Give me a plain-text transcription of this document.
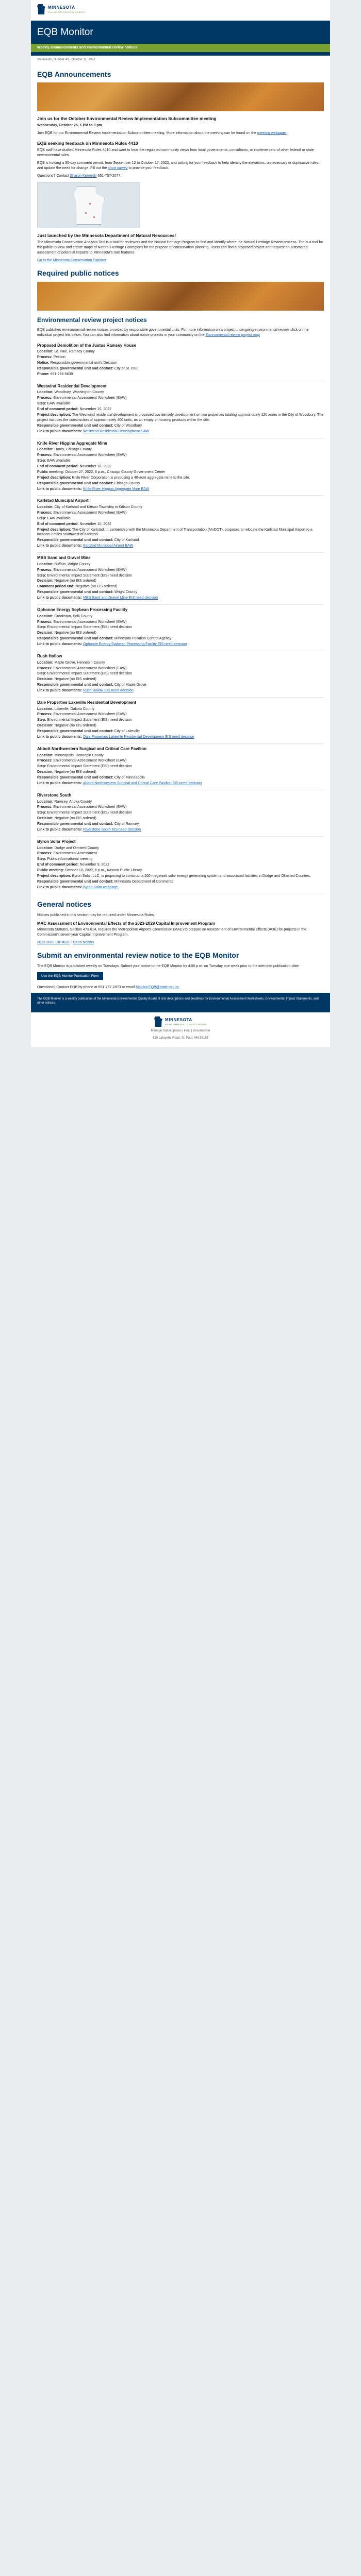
MINNESOTA
POLLUTION CONTROL AGENCY
EQB Monitor
Weekly announcements and environmental review notices
Volume 46, Number 43 · October 11, 2022
EQB Announcements
Join us for the October Environmental Review Implementation Subcommittee meeting

Wednesday, October 26, 1 PM to 3 pm

Join EQB for our Environmental Review Implementation Subcommittee meeting. More information about the meeting can be found on the meeting webpage.

EQB seeking feedback on Minnesota Rules 4410

EQB staff have drafted Minnesota Rules 4410 and want to hear the regulated community views from local governments, consultants, or implementers of other federal or state environmental rules.

EQB is holding a 30-day comment period, from September 12 to October 17, 2022, and asking for your feedback to help identify the elevations, unnecessary or duplicative rules, and update the need for change. Fill out the short survey to provide your feedback.

Questions? Contact Sharon Kennedy 651-757-2077.

Just launched by the Minnesota Department of Natural Resources!

The Minnesota Conservation Analysis Tool is a tool for reviewers and the Natural Heritage Program to find and identify where the Natural Heritage Review process. The is a tool for the public to view and create maps of Natural Heritage Ecoregions for the purpose of conservation planning. Users can find a proposed project and request an automated assessment of potential impacts to Minnesota's rare features.

Go to the Minnesota Conservation Explorer

Required public notices
Environmental review project notices

EQB publishes environmental review notices provided by responsible governmental units. For more information on a project undergoing environmental review, click on the individual project link below. You can also find information about notice projects in your community on the Environmental review project map

Proposed Demolition of the Justus Ramsey House
Location: St. Paul, Ramsey County
Process: Petition
Notice: Responsible governmental unit's Decision
Responsible governmental unit and contact: City of St. Paul
Phone: 651-266-6639
Westwind Residential Development
Location: Woodbury, Washington County
Process: Environmental Assessment Worksheet (EAW)
Step: EAW available
End of comment period: November 10, 2022
Project description: The Westwind residential development is proposed two densely development on two properties totaling approximately 120 acres in the City of Woodbury. The project includes the construction of approximately 400 units, as an empty of housing products within the site.
Responsible governmental unit and contact: City of Woodbury
Link to public documents: Westwind Residential Development EAW
Knife River Higgins Aggregate Mine
Location: Harris, Chisago County
Process: Environmental Assessment Worksheet (EAW)
Step: EAW available
End of comment period: November 10, 2022
Public meeting: October 27, 2022, 6 p.m., Chisago County Government Center
Project description: Knife River Corporation is proposing a 40-acre aggregate mine to the site.
Responsible governmental unit and contact: Chisago County
Link to public documents: Knife River Higgins Aggregate Mine EAW
Karlstad Municipal Airport
Location: City of Karlstad and Kittson Township in Kittson County
Process: Environmental Assessment Worksheet (EAW)
Step: EAW available
End of comment period: November 10, 2022
Project description: The City of Karlstad, in partnership with the Minnesota Department of Transportation (MnDOT), proposes to relocate the Karlstad Municipal Airport to a location 2 miles southwest of Karlstad.
Responsible governmental unit and contact: City of Karlstad
Link to public documents: Karlstad Municipal Airport EAW
MBS Sand and Gravel Mine
Location: Buffalo, Wright County
Process: Environmental Assessment Worksheet (EAW)
Step: Environmental Impact Statement (EIS) need decision
Decision: Negative (no EIS ordered)
Comment period end: Negative (no EIS ordered)
Responsible governmental unit and contact: Wright County
Link to public documents: MBS Sand and Gravel Mine EIS need decision
Ophonne Energy Soybean Processing Facility
Location: Crookston, Polk County
Process: Environmental Assessment Worksheet (EAW)
Step: Environmental Impact Statement (EIS) need decision
Decision: Negative (no EIS ordered)
Responsible governmental unit and contact: Minnesota Pollution Control Agency
Link to public documents: Ophonne Energy Soybean Processing Facility EIS need decision
Rush Hollow
Location: Maple Grove, Hennepin County
Process: Environmental Assessment Worksheet (EAW)
Step: Environmental Impact Statement (EIS) need decision
Decision: Negative (no EIS ordered)
Responsible governmental unit and contact: City of Maple Grove
Link to public documents: Rush Hollow EIS need decision
Dale Properties Lakeville Residential Development
Location: Lakeville, Dakota County
Process: Environmental Assessment Worksheet (EAW)
Step: Environmental Impact Statement (EIS) need decision
Decision: Negative (no EIS ordered)
Responsible governmental unit and contact: City of Lakeville
Link to public documents: Dale Properties Lakeville Residential Development EIS need decision
Abbott Northwestern Surgical and Critical Care Pavilion
Location: Minneapolis, Hennepin County
Process: Environmental Assessment Worksheet (EAW)
Step: Environmental Impact Statement (EIS) need decision
Decision: Negative (no EIS ordered)
Responsible governmental unit and contact: City of Minneapolis
Link to public documents: Abbott Northwestern Surgical and Critical Care Pavilion EIS need decision
Riverstone South
Location: Ramsey, Anoka County
Process: Environmental Assessment Worksheet (EAW)
Step: Environmental Impact Statement (EIS) need decision
Decision: Negative (no EIS ordered)
Responsible governmental unit and contact: City of Ramsey
Link to public documents: Riverstone South EIS need decision
Byron Solar Project
Location: Dodge and Olmsted County
Process: Environmental Assessment
Step: Public informational meeting
End of comment period: November 9, 2022
Public meeting: October 18, 2022, 6 p.m., Kasson Public Library
Project description: Byron Solar, LLC, is proposing to construct a 200 megawatt solar energy generating system and associated facilities in Dodge and Olmsted Counties.
Responsible governmental unit and contact: Minnesota Department of Commerce
Link to public documents: Byron Solar webpage
General notices

Notices published in this section may be required under Minnesota Rules.

MAC Assessment of Environmental Effects of the 2023-2029 Capital Improvement Program

Minnesota Statutes, Section 473.614, requires the Metropolitan Airports Commission (MAC) to prepare an Assessment of Environmental Effects (AOE) for projects in the Commission's seven-year Capital Improvement Program.

2023-2029 CIP AOE · Dana Nelson

Submit an environmental review notice to the EQB Monitor

The EQB Monitor is published weekly on Tuesdays. Submit your notice to the EQB Monitor by 4:00 p.m. on Tuesday one week prior to the intended publication date.

Use the EQB Monitor Publication Form

Questions? Contact EQB by phone at 651-757-2873 or email Monitor.EQB@state.mn.us.

The EQB Monitor is a weekly publication of the Minnesota Environmental Quality Board. It lists descriptions and deadlines for Environmental Assessment Worksheets, Environmental Impact Statements, and other notices.

MINNESOTA
ENVIRONMENTAL QUALITY BOARD

Manage Subscriptions | Help | Unsubscribe

520 Lafayette Road, St. Paul, MN 55155
